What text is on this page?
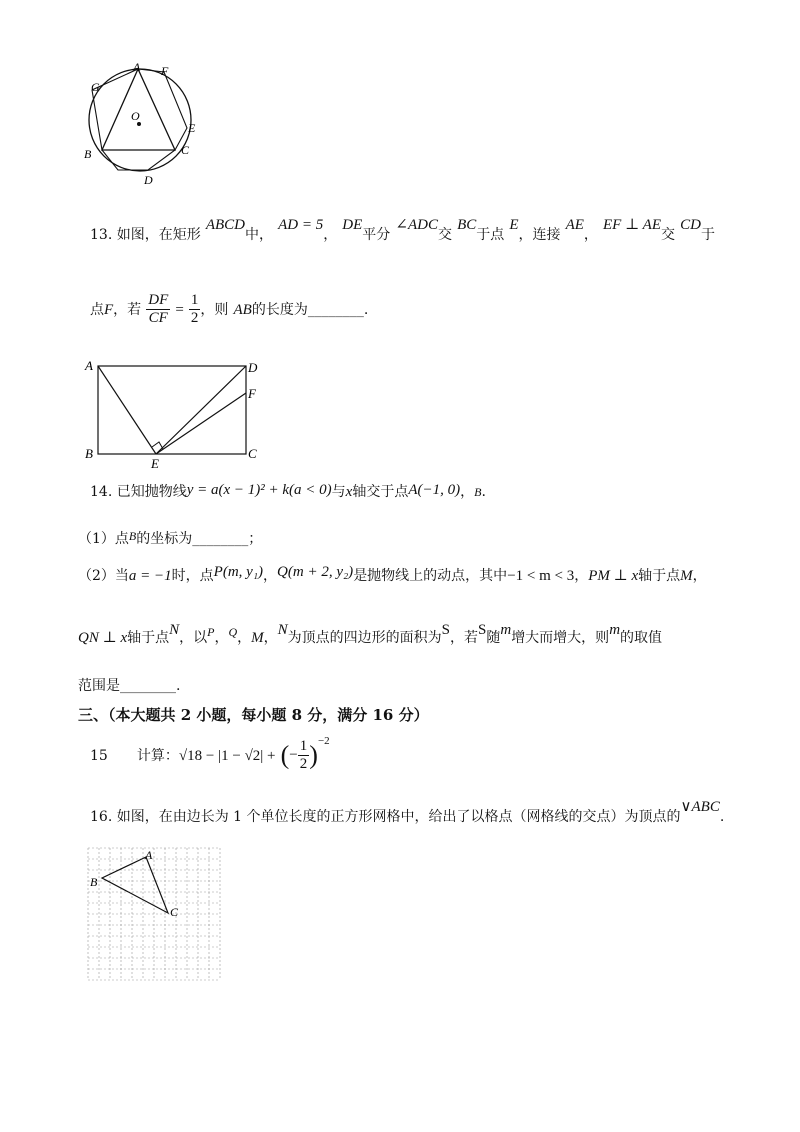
A F
G
O
E
B	C
D
13. 如图，在矩形 ABCD中， AD = 5， DE平分 ∠ADC交 BC于点 E，连接 AE， EF ⊥ AE交 CD于
点F，若 $\frac{DF}{CF} = \frac{1}{2}$ ，则 AB的长度为________.
A	D
F
B
E
C
14. 已知抛物线y = a(x − 1)² + k(a < 0)与x轴交于点A(−1, 0)，B.
（1）点B的坐标为________；
（2）当a = −1时，点P(m, y₁)，Q(m + 2, y₂)是抛物线上的动点，其中−1 < m < 3，PM ⊥ x轴于点M，
QN ⊥ x轴于点N，以$^P$，$^Q$，M，N为顶点的四边形的面积为S，若S随m增大而增大，则m的取值
范围是________.
三、（本大题共 2 小题，每小题 8 分，满分 16 分）
15 计算：√18 − |1 − √2| + (− $\frac{1}{2} )^{-2}$
16. 如图，在由边长为 1 个单位长度的正方形网格中，给出了以格点（网格线的交点）为顶点的∨ABC.
A
B
C
